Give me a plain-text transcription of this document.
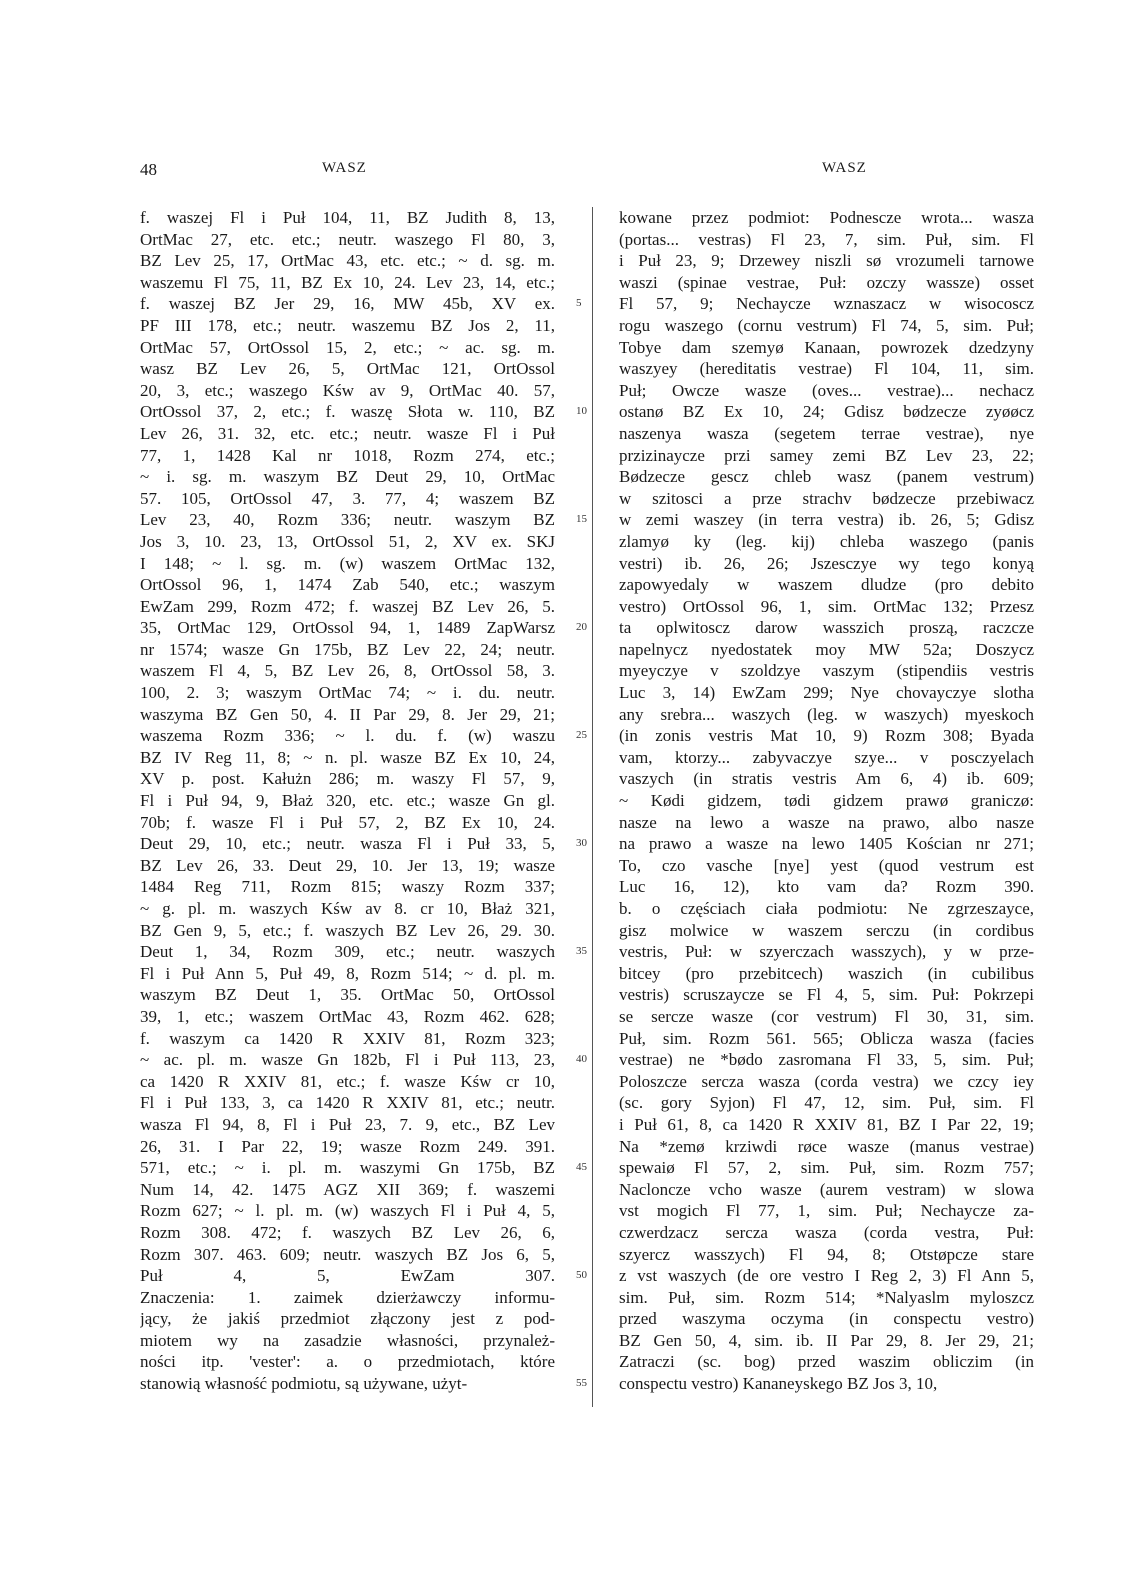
48	WASZ	WASZ
f. waszej Fl i Puł 104, 11, BZ Judith 8, 13,
OrtMac 27, etc. etc.; neutr. waszego Fl 80, 3,
BZ Lev 25, 17, OrtMac 43, etc. etc.; ~ d. sg. m.
waszemu Fl 75, 11, BZ Ex 10, 24. Lev 23, 14, etc.;
f. waszej BZ Jer 29, 16, MW 45b, XV ex.
PF III 178, etc.; neutr. waszemu BZ Jos 2, 11,
OrtMac 57, OrtOssol 15, 2, etc.; ~ ac. sg. m.
wasz BZ Lev 26, 5, OrtMac 121, OrtOssol
20, 3, etc.; waszego Kśw av 9, OrtMac 40. 57,
OrtOssol 37, 2, etc.; f. waszę Słota w. 110, BZ
Lev 26, 31. 32, etc. etc.; neutr. wasze Fl i Puł
77, 1, 1428 Kal nr 1018, Rozm 274, etc.;
~ i. sg. m. waszym BZ Deut 29, 10, OrtMac
57. 105, OrtOssol 47, 3. 77, 4; waszem BZ
Lev 23, 40, Rozm 336; neutr. waszym BZ
Jos 3, 10. 23, 13, OrtOssol 51, 2, XV ex. SKJ
I 148; ~ l. sg. m. (w) waszem OrtMac 132,
OrtOssol 96, 1, 1474 Zab 540, etc.; waszym
EwZam 299, Rozm 472; f. waszej BZ Lev 26, 5.
35, OrtMac 129, OrtOssol 94, 1, 1489 ZapWarsz
nr 1574; wasze Gn 175b, BZ Lev 22, 24; neutr.
waszem Fl 4, 5, BZ Lev 26, 8, OrtOssol 58, 3.
100, 2. 3; waszym OrtMac 74; ~ i. du. neutr.
waszyma BZ Gen 50, 4. II Par 29, 8. Jer 29, 21;
waszema Rozm 336; ~ l. du. f. (w) waszu
BZ IV Reg 11, 8; ~ n. pl. wasze BZ Ex 10, 24,
XV p. post. Kałużn 286; m. waszy Fl 57, 9,
Fl i Puł 94, 9, Błaż 320, etc. etc.; wasze Gn gl.
70b; f. wasze Fl i Puł 57, 2, BZ Ex 10, 24.
Deut 29, 10, etc.; neutr. wasza Fl i Puł 33, 5,
BZ Lev 26, 33. Deut 29, 10. Jer 13, 19; wasze
1484 Reg 711, Rozm 815; waszy Rozm 337;
~ g. pl. m. waszych Kśw av 8. cr 10, Błaż 321,
BZ Gen 9, 5, etc.; f. waszych BZ Lev 26, 29. 30.
Deut 1, 34, Rozm 309, etc.; neutr. waszych
Fl i Puł Ann 5, Puł 49, 8, Rozm 514; ~ d. pl. m.
waszym BZ Deut 1, 35. OrtMac 50, OrtOssol
39, 1, etc.; waszem OrtMac 43, Rozm 462. 628;
f. waszym ca 1420 R XXIV 81, Rozm 323;
~ ac. pl. m. wasze Gn 182b, Fl i Puł 113, 23,
ca 1420 R XXIV 81, etc.; f. wasze Kśw cr 10,
Fl i Puł 133, 3, ca 1420 R XXIV 81, etc.; neutr.
wasza Fl 94, 8, Fl i Puł 23, 7. 9, etc., BZ Lev
26, 31. I Par 22, 19; wasze Rozm 249. 391.
571, etc.; ~ i. pl. m. waszymi Gn 175b, BZ
Num 14, 42. 1475 AGZ XII 369; f. waszemi
Rozm 627; ~ l. pl. m. (w) waszych Fl i Puł 4, 5,
Rozm 308. 472; f. waszych BZ Lev 26, 6,
Rozm 307. 463. 609; neutr. waszych BZ Jos 6, 5,
Puł 4, 5, EwZam 307.
Znaczenia: 1. zaimek dzierżawczy informu-
jący, że jakiś przedmiot złączony jest z pod-
miotem wy na zasadzie własności, przynależ-
ności itp. 'vester': a. o przedmiotach, które
stanowią własność podmiotu, są używane, użyt-
5
10
15
20
25
30
35
40
45
50
55
kowane przez podmiot: Podnescze wrota... wasza
(portas... vestras) Fl 23, 7, sim. Puł, sim. Fl
i Puł 23, 9; Drzewey niszli sø vrozumeli tarnowe
waszi (spinae vestrae, Puł: ozczy wassze) osset
Fl 57, 9; Nechaycze wznaszacz w wisocoscz
rogu waszego (cornu vestrum) Fl 74, 5, sim. Puł;
Tobye dam szemyø Kanaan, powrozek dzedzyny
waszyey (hereditatis vestrae) Fl 104, 11, sim.
Puł; Owcze wasze (oves... vestrae)... nechacz
ostanø BZ Ex 10, 24; Gdisz bødzecze zyøøcz
naszenya wasza (segetem terrae vestrae), nye
przizinaycze przi samey zemi BZ Lev 23, 22;
Bødzecze gescz chleb wasz (panem vestrum)
w szitosci a prze strachv bødzecze przebiwacz
w zemi waszey (in terra vestra) ib. 26, 5; Gdisz
zlamyø ky (leg. kij) chleba waszego (panis
vestri) ib. 26, 26; Jszesczye wy tego konyą
zapowyedaly w waszem dludze (pro debito
vestro) OrtOssol 96, 1, sim. OrtMac 132; Przesz
ta oplwitoscz darow wasszich proszą, raczcze
napelnycz nyedostatek moy MW 52a; Doszycz
myeyczye v szoldzye vaszym (stipendiis vestris
Luc 3, 14) EwZam 299; Nye chovayczye slotha
any srebra... waszych (leg. w waszych) myeskoch
(in zonis vestris Mat 10, 9) Rozm 308; Byada
vam, ktorzy... zabyvaczye szye... v posczyelach
vaszych (in stratis vestris Am 6, 4) ib. 609;
~ Kødi gidzem, tødi gidzem prawø graniczø:
nasze na lewo a wasze na prawo, albo nasze
na prawo a wasze na lewo 1405 Kościan nr 271;
To, czo vasche [nye] yest (quod vestrum est
Luc 16, 12), kto vam da? Rozm 390.
b. o częściach ciała podmiotu: Ne zgrzeszayce,
gisz molwice w waszem serczu (in cordibus
vestris, Puł: w szyerczach wasszych), y w prze-
bitcey (pro przebitcech) waszich (in cubilibus
vestris) scruszaycze se Fl 4, 5, sim. Puł: Pokrzepi
se sercze wasze (cor vestrum) Fl 30, 31, sim.
Puł, sim. Rozm 561. 565; Oblicza wasza (facies
vestrae) ne *bødo zasromana Fl 33, 5, sim. Puł;
Poloszcze sercza wasza (corda vestra) we czcy iey
(sc. gory Syjon) Fl 47, 12, sim. Puł, sim. Fl
i Puł 61, 8, ca 1420 R XXIV 81, BZ I Par 22, 19;
Na *zemø krziwdi røce wasze (manus vestrae)
spewaiø Fl 57, 2, sim. Puł, sim. Rozm 757;
Nacloncze vcho wasze (aurem vestram) w slowa
vst mogich Fl 77, 1, sim. Puł; Nechaycze za-
czwerdzacz sercza wasza (corda vestra, Puł:
szyercz wasszych) Fl 94, 8; Otstøpcze stare
z vst waszych (de ore vestro I Reg 2, 3) Fl Ann 5,
sim. Puł, sim. Rozm 514; *Nalyaslm myloszcz
przed waszyma oczyma (in conspectu vestro)
BZ Gen 50, 4, sim. ib. II Par 29, 8. Jer 29, 21;
Zatraczi (sc. bog) przed waszim obliczim (in
conspectu vestro) Kananeyskego BZ Jos 3, 10,
